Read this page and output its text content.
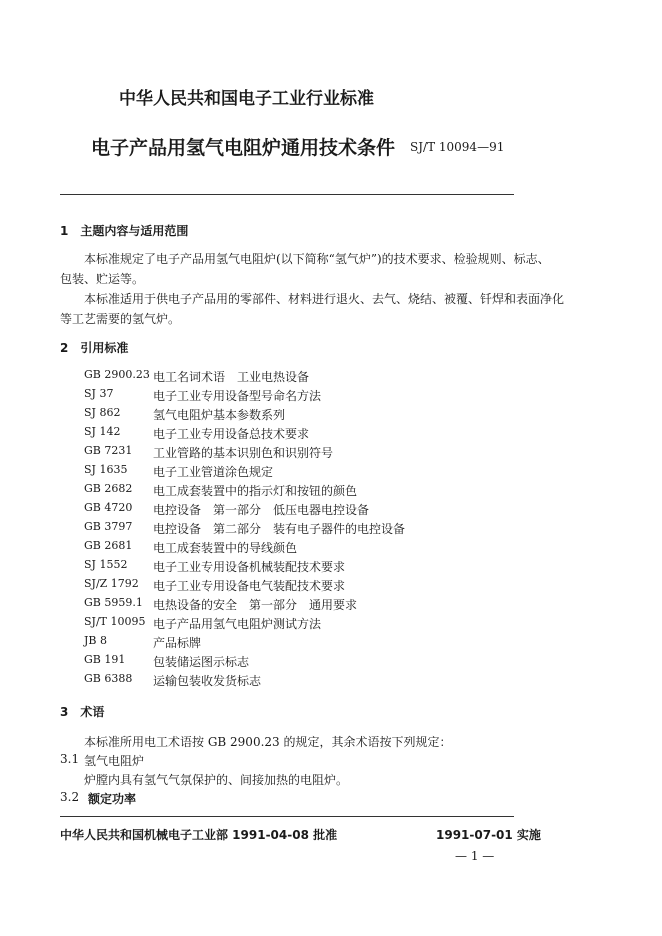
中华人民共和国电子工业行业标准
电子产品用氢气电阻炉通用技术条件 SJ/T 10094—91
1　主题内容与适用范围
本标准规定了电子产品用氢气电阻炉(以下简称“氢气炉”)的技术要求、检验规则、标志、
包装、贮运等。
本标准适用于供电子产品用的零部件、材料进行退火、去气、烧结、被覆、钎焊和表面净化
等工艺需要的氢气炉。
2　引用标准
GB 2900.23 电工名词术语　工业电热设备
SJ 37	电子工业专用设备型号命名方法
SJ 862	氢气电阻炉基本参数系列
SJ 142	电子工业专用设备总技术要求
GB 7231 工业管路的基本识别色和识别符号
SJ 1635 电子工业管道涂色规定
GB 2682 电工成套装置中的指示灯和按钮的颜色
GB 4720 电控设备　第一部分　低压电器电控设备
GB 3797 电控设备　第二部分　装有电子器件的电控设备
GB 2681 电工成套装置中的导线颜色
SJ 1552 电子工业专用设备机械装配技术要求
SJ/Z 1792 电子工业专用设备电气装配技术要求
GB 5959.1 电热设备的安全　第一部分　通用要求
SJ/T 10095 电子产品用氢气电阻炉测试方法
JB 8	产品标牌
GB 191 包装储运图示标志
GB 6388 运输包装收发货标志
3　术语
本标准所用电工术语按 GB 2900.23 的规定，其余术语按下列规定：
3.1 氢气电阻炉
炉膛内具有氢气气氛保护的、间接加热的电阻炉。
3.2 额定功率
中华人民共和国机械电子工业部 1991-04-08 批准	1991-07-01 实施
— 1 —
